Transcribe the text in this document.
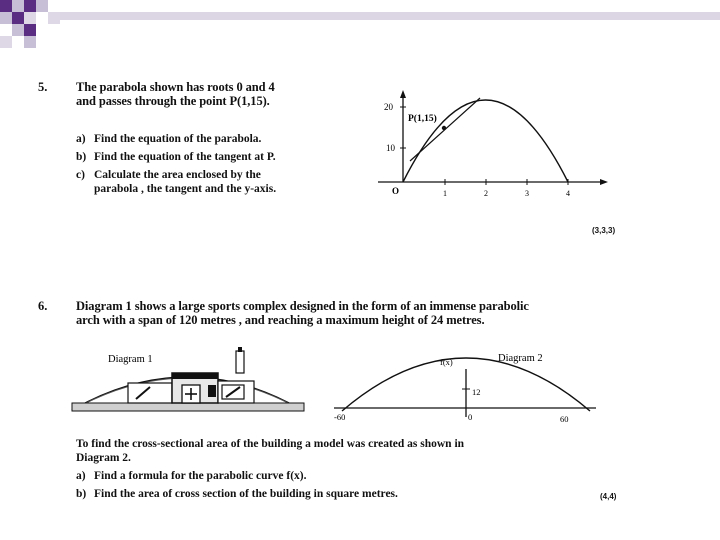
5. The parabola shown has roots 0 and 4
and passes through the point P(1,15).
a) Find the equation of the parabola.
b) Find the equation of the tangent at P.
c) Calculate the area enclosed by the
parabola , the tangent and the y-axis.
20
10
1	2	3	4
O
P(1,15)
(3,3,3)
6. Diagram 1 shows a large sports complex designed in the form of an immense parabolic
arch with a span of 120 metres , and reaching a maximum height of 24 metres.
Diagram 1	Diagram 2
f(x)
12
-60	0	60
To find the cross-sectional area of the building a model was created as shown in
Diagram 2.
a) Find a formula for the parabolic curve f(x).
b) Find the area of cross section of the building in square metres.	(4,4)
